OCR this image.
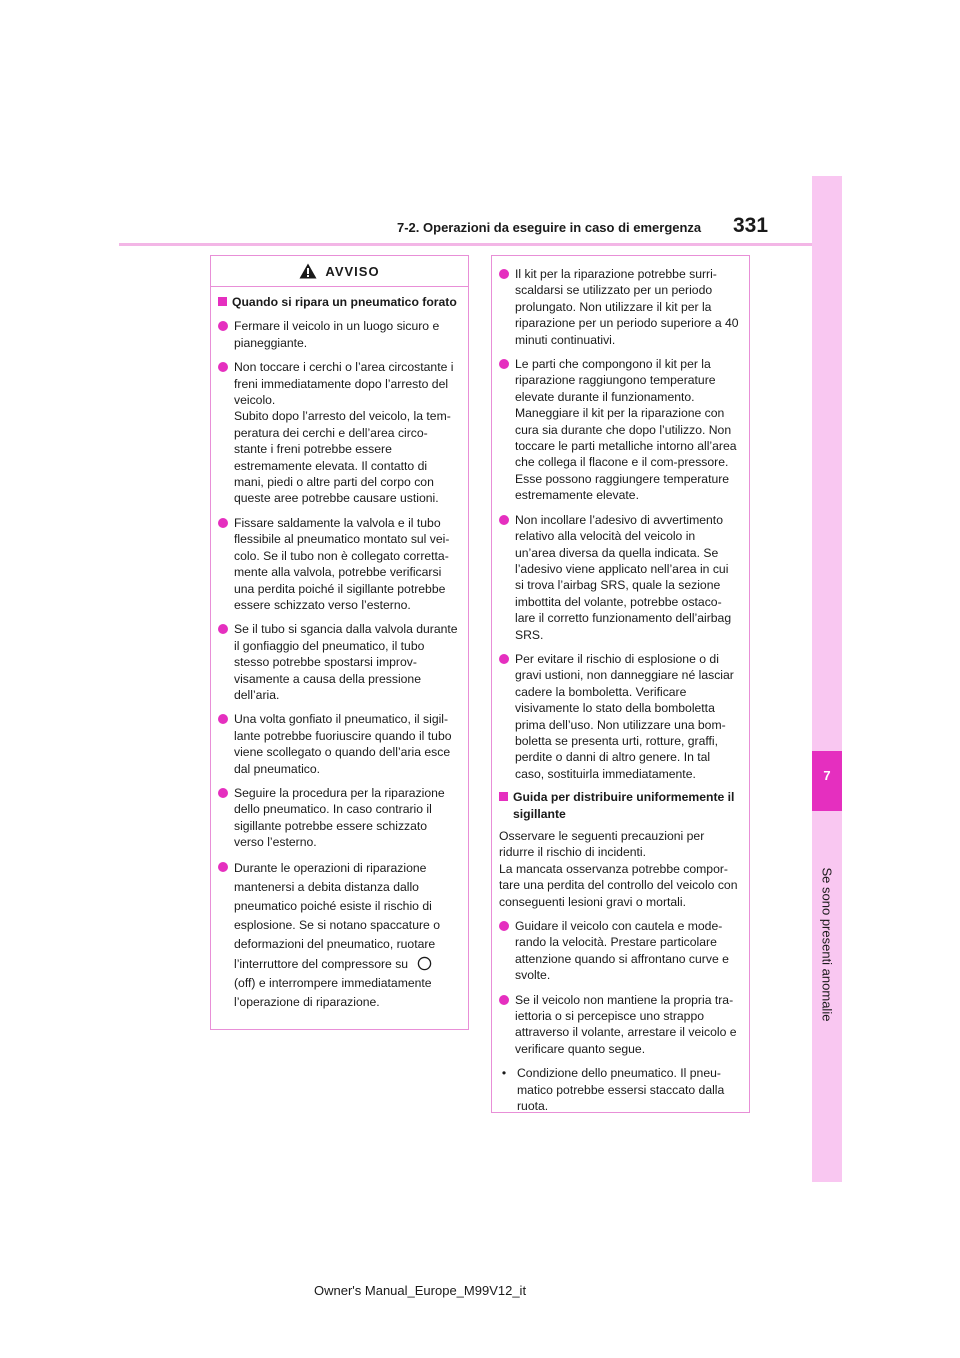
331
7-2. Operazioni da eseguire in caso di emergenza
7
Se sono presenti anomalie
AVVISO
Quando si ripara un pneumatico forato
Fermare il veicolo in un luogo sicuro e pianeggiante.
Non toccare i cerchi o l’area circostante i freni immediatamente dopo l’arresto del veicolo.
Subito dopo l’arresto del veicolo, la tem-peratura dei cerchi e dell’area circo-stante i freni potrebbe essere estremamente elevata. Il contatto di mani, piedi o altre parti del corpo con queste aree potrebbe causare ustioni.
Fissare saldamente la valvola e il tubo flessibile al pneumatico montato sul vei-colo. Se il tubo non è collegato corretta-mente alla valvola, potrebbe verificarsi una perdita poiché il sigillante potrebbe essere schizzato verso l’esterno.
Se il tubo si sgancia dalla valvola durante il gonfiaggio del pneumatico, il tubo stesso potrebbe spostarsi improv-visamente a causa della pressione dell’aria.
Una volta gonfiato il pneumatico, il sigil-lante potrebbe fuoriuscire quando il tubo viene scollegato o quando dell’aria esce dal pneumatico.
Seguire la procedura per la riparazione dello pneumatico. In caso contrario il sigillante potrebbe essere schizzato verso l’esterno.
Durante le operazioni di riparazione mantenersi a debita distanza dallo pneumatico poiché esiste il rischio di esplosione. Se si notano spaccature o deformazioni del pneumatico, ruotare l’interruttore del compressore su
(off) e interrompere immediatamente l’operazione di riparazione.
Il kit per la riparazione potrebbe surri-scaldarsi se utilizzato per un periodo prolungato. Non utilizzare il kit per la riparazione per un periodo superiore a 40 minuti continuativi.
Le parti che compongono il kit per la riparazione raggiungono temperature elevate durante il funzionamento. Maneggiare il kit per la riparazione con cura sia durante che dopo l’utilizzo. Non toccare le parti metalliche intorno all’area che collega il flacone e il com-pressore. Esse possono raggiungere temperature estremamente elevate.
Non incollare l’adesivo di avvertimento relativo alla velocità del veicolo in un’area diversa da quella indicata. Se l’adesivo viene applicato nell’area in cui si trova l’airbag SRS, quale la sezione imbottita del volante, potrebbe ostaco-lare il corretto funzionamento dell’airbag SRS.
Per evitare il rischio di esplosione o di gravi ustioni, non danneggiare né lasciar cadere la bomboletta. Verificare visivamente lo stato della bomboletta prima dell’uso. Non utilizzare una bom-boletta se presenta urti, rotture, graffi, perdite o danni di altro genere. In tal caso, sostituirla immediatamente.
Guida per distribuire uniformemente il sigillante
Osservare le seguenti precauzioni per ridurre il rischio di incidenti.
La mancata osservanza potrebbe compor-tare una perdita del controllo del veicolo con conseguenti lesioni gravi o mortali.
Guidare il veicolo con cautela e mode-rando la velocità. Prestare particolare attenzione quando si affrontano curve e svolte.
Se il veicolo non mantiene la propria tra-iettoria o si percepisce uno strappo attraverso il volante, arrestare il veicolo e verificare quanto segue.
• Condizione dello pneumatico. Il pneu-matico potrebbe essersi staccato dalla ruota.
Owner's Manual_Europe_M99V12_it
